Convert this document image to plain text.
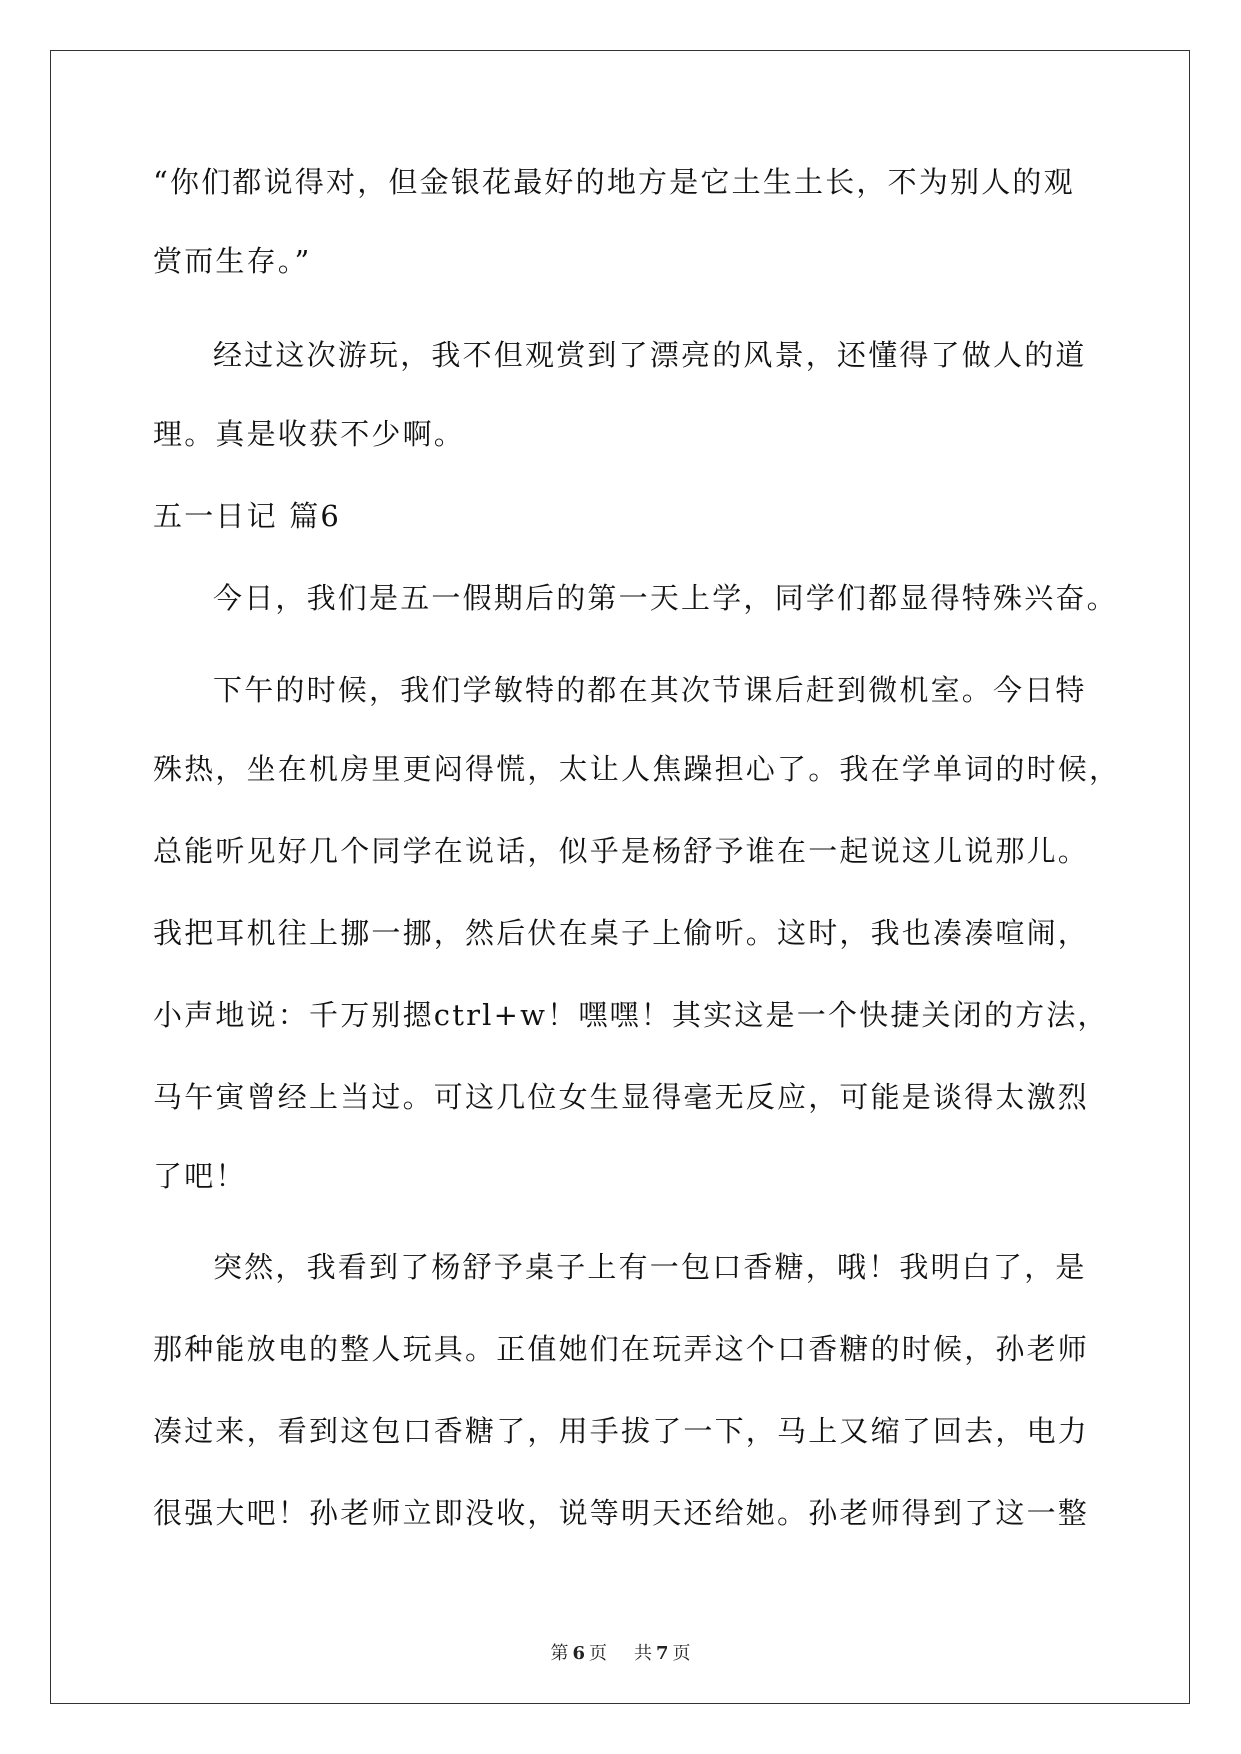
“你们都说得对，但金银花最好的地方是它土生土长，不为别人的观
赏而生存。”
经过这次游玩，我不但观赏到了漂亮的风景，还懂得了做人的道
理。真是收获不少啊。
五一日记 篇6
今日，我们是五一假期后的第一天上学，同学们都显得特殊兴奋。
下午的时候，我们学敏特的都在其次节课后赶到微机室。今日特
殊热，坐在机房里更闷得慌，太让人焦躁担心了。我在学单词的时候，
总能听见好几个同学在说话，似乎是杨舒予谁在一起说这儿说那儿。
我把耳机往上挪一挪，然后伏在桌子上偷听。这时，我也凑凑喧闹，
小声地说：千万别摁ctrl+w！嘿嘿！其实这是一个快捷关闭的方法，
马午寅曾经上当过。可这几位女生显得毫无反应，可能是谈得太激烈
了吧！
突然，我看到了杨舒予桌子上有一包口香糖，哦！我明白了，是
那种能放电的整人玩具。正值她们在玩弄这个口香糖的时候，孙老师
凑过来，看到这包口香糖了，用手拔了一下，马上又缩了回去，电力
很强大吧！孙老师立即没收，说等明天还给她。孙老师得到了这一整
第 6 页 共 7 页
